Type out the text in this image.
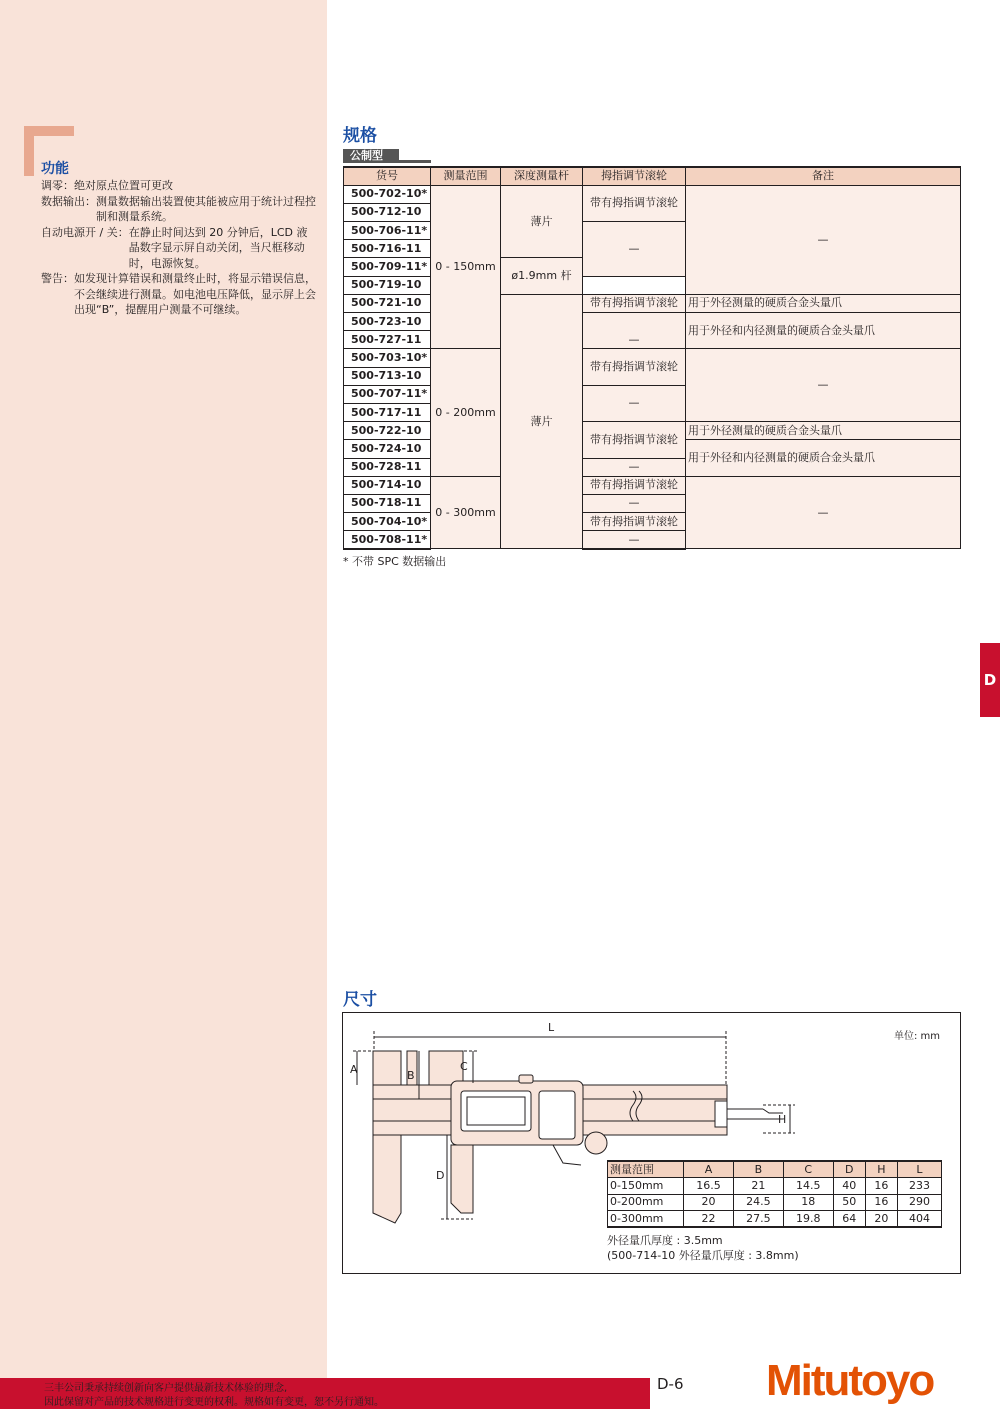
功能
调零： 绝对原点位置可更改
数据输出： 测量数据输出装置使其能被应用于统计过程控制和测量系统。
自动电源开 / 关： 在静止时间达到 20 分钟后，LCD 液晶数字显示屏自动关闭，当尺框移动时，电源恢复。
警告： 如发现计算错误和测量终止时，将显示错误信息，不会继续进行测量。如电池电压降低，显示屏上会出现“B”，提醒用户测量不可继续。
规格
公制型
货号	测量范围	深度测量杆	拇指调节滚轮	备注
500-702-10*	0 - 150mm	薄片	带有拇指调节滚轮	—
500-712-10				
500-706-11*			—	
500-716-11				
500-709-11*		ø1.9mm 杆		
500-719-10				
500-721-10		薄片	带有拇指调节滚轮	用于外径测量的硬质合金头量爪
500-723-10			—	用于外径和内径测量的硬质合金头量爪
500-727-11				
500-703-10*	0 - 200mm		带有拇指调节滚轮	—
500-713-10				
500-707-11*			—	
500-717-11				
500-722-10			带有拇指调节滚轮	用于外径测量的硬质合金头量爪
500-724-10				用于外径和内径测量的硬质合金头量爪
500-728-11			—	
500-714-10	0 - 300mm		带有拇指调节滚轮	—
500-718-11			—	
500-704-10*			带有拇指调节滚轮	
500-708-11*			—	
* 不带 SPC 数据输出
D
尺寸
单位: mm
L
A	B
C
D
H
测量范围	A	B	C	D	H	L
0-150mm	16.5	21	14.5	40	16	233
0-200mm	20	24.5	18	50	16	290
0-300mm	22	27.5	19.8	64	20	404
外径量爪厚度 : 3.5mm
(500-714-10 外径量爪厚度 : 3.8mm)
三丰公司秉承持续创新向客户提供最新技术体验的理念,
因此保留对产品的技术规格进行变更的权利。规格如有变更，恕不另行通知。
D-6 Mitutoyo
